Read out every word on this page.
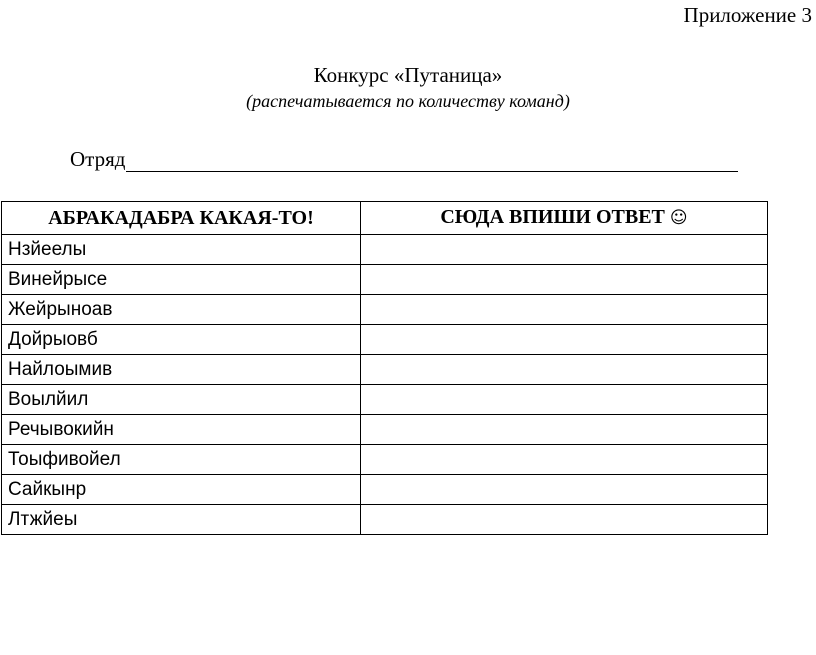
Приложение 3
Конкурс «Путаница»
(распечатывается по количеству команд)
Отряд
АБРАКАДАБРА КАКАЯ-ТО!	СЮДА ВПИШИ ОТВЕТ ☺
Нзйеелы	
Винейрысе	
Жейрыноав	
Дойрыовб	
Найлоымив	
Воылйил	
Речывокийн	
Тоыфивойел	
Сайкынр	
Лтжйеы	
